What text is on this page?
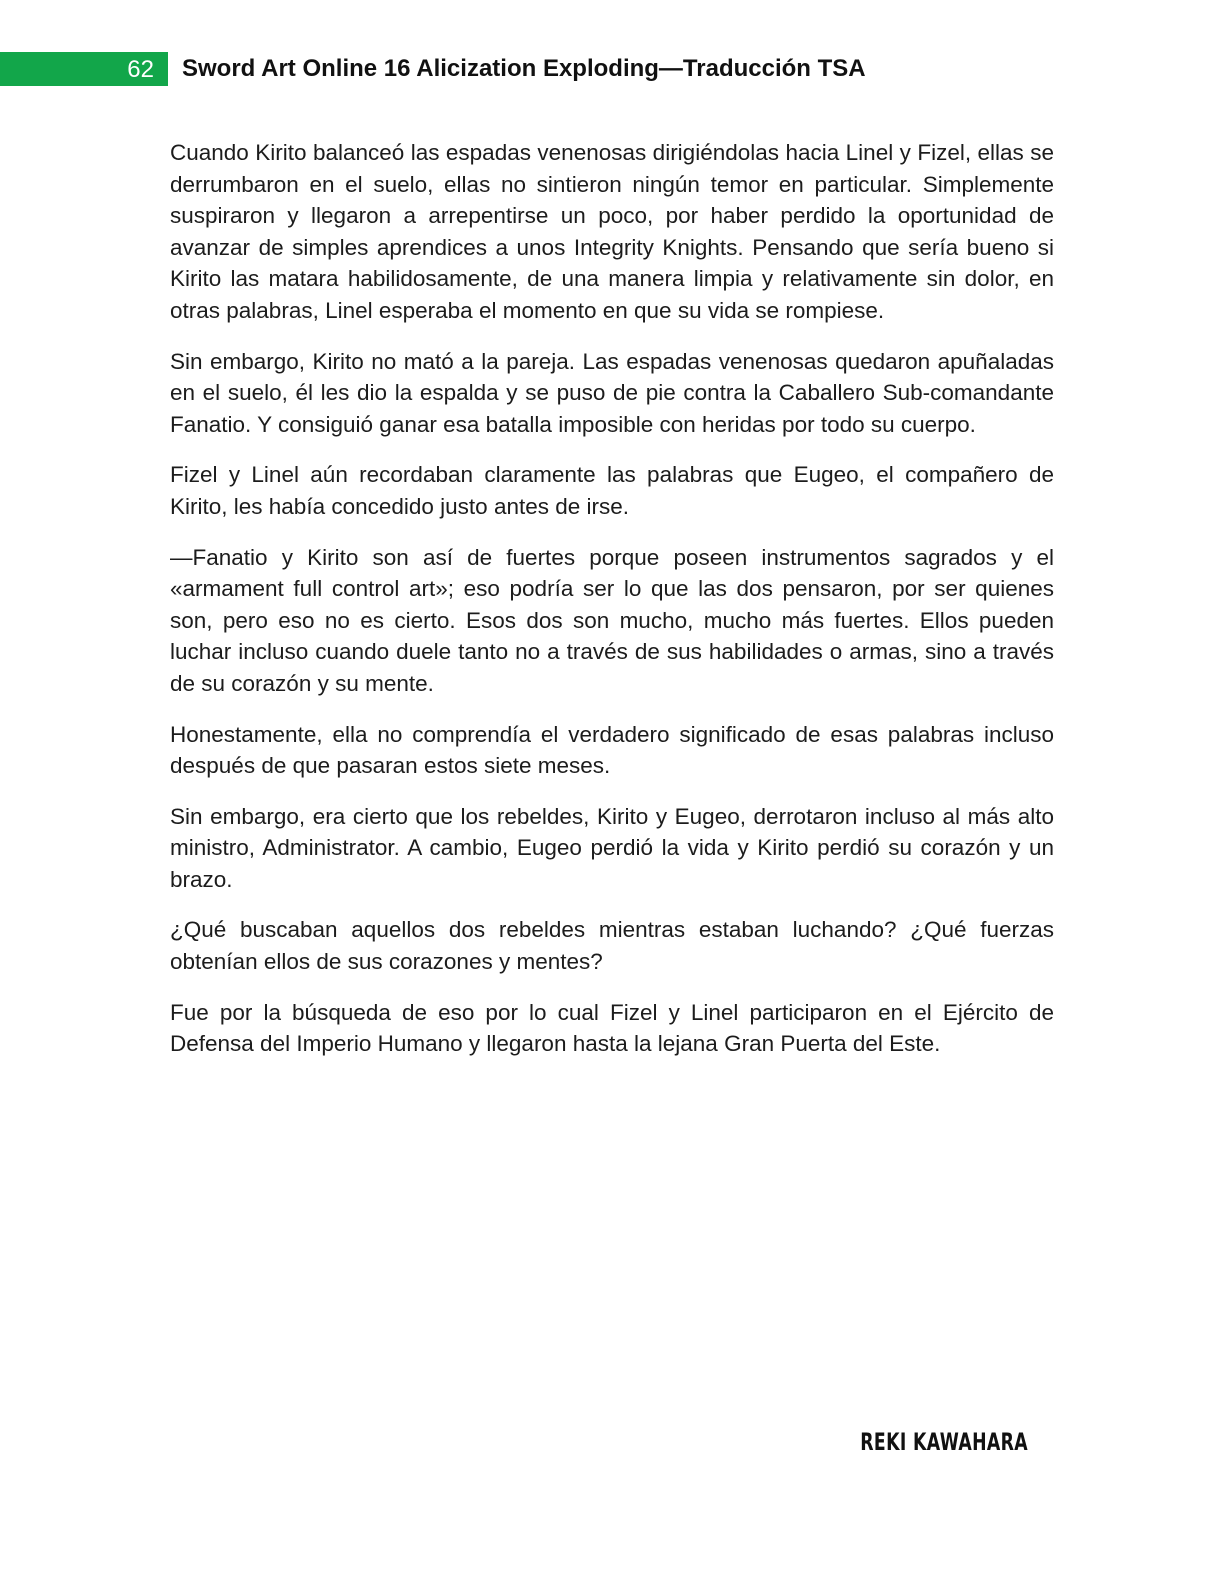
62 Sword Art Online 16 Alicization Exploding—Traducción TSA

Cuando Kirito balanceó las espadas venenosas dirigiéndolas hacia Linel y Fizel, ellas se derrumbaron en el suelo, ellas no sintieron ningún temor en particular. Simplemente suspiraron y llegaron a arrepentirse un poco, por haber perdido la oportunidad de avanzar de simples aprendices a unos Integrity Knights. Pensando que sería bueno si Kirito las matara habilidosamente, de una manera limpia y relativamente sin dolor, en otras palabras, Linel esperaba el momento en que su vida se rompiese.

Sin embargo, Kirito no mató a la pareja. Las espadas venenosas quedaron apuñaladas en el suelo, él les dio la espalda y se puso de pie contra la Caballero Sub-comandante Fanatio. Y consiguió ganar esa batalla imposible con heridas por todo su cuerpo.

Fizel y Linel aún recordaban claramente las palabras que Eugeo, el compañero de Kirito, les había concedido justo antes de irse.

—Fanatio y Kirito son así de fuertes porque poseen instrumentos sagrados y el «armament full control art»; eso podría ser lo que las dos pensaron, por ser quienes son, pero eso no es cierto. Esos dos son mucho, mucho más fuertes. Ellos pueden luchar incluso cuando duele tanto no a través de sus habilidades o armas, sino a través de su corazón y su mente.

Honestamente, ella no comprendía el verdadero significado de esas palabras incluso después de que pasaran estos siete meses.

Sin embargo, era cierto que los rebeldes, Kirito y Eugeo, derrotaron incluso al más alto ministro, Administrator. A cambio, Eugeo perdió la vida y Kirito perdió su corazón y un brazo.

¿Qué buscaban aquellos dos rebeldes mientras estaban luchando? ¿Qué fuerzas obtenían ellos de sus corazones y mentes?

Fue por la búsqueda de eso por lo cual Fizel y Linel participaron en el Ejército de Defensa del Imperio Humano y llegaron hasta la lejana Gran Puerta del Este.

REKI KAWAHARA
